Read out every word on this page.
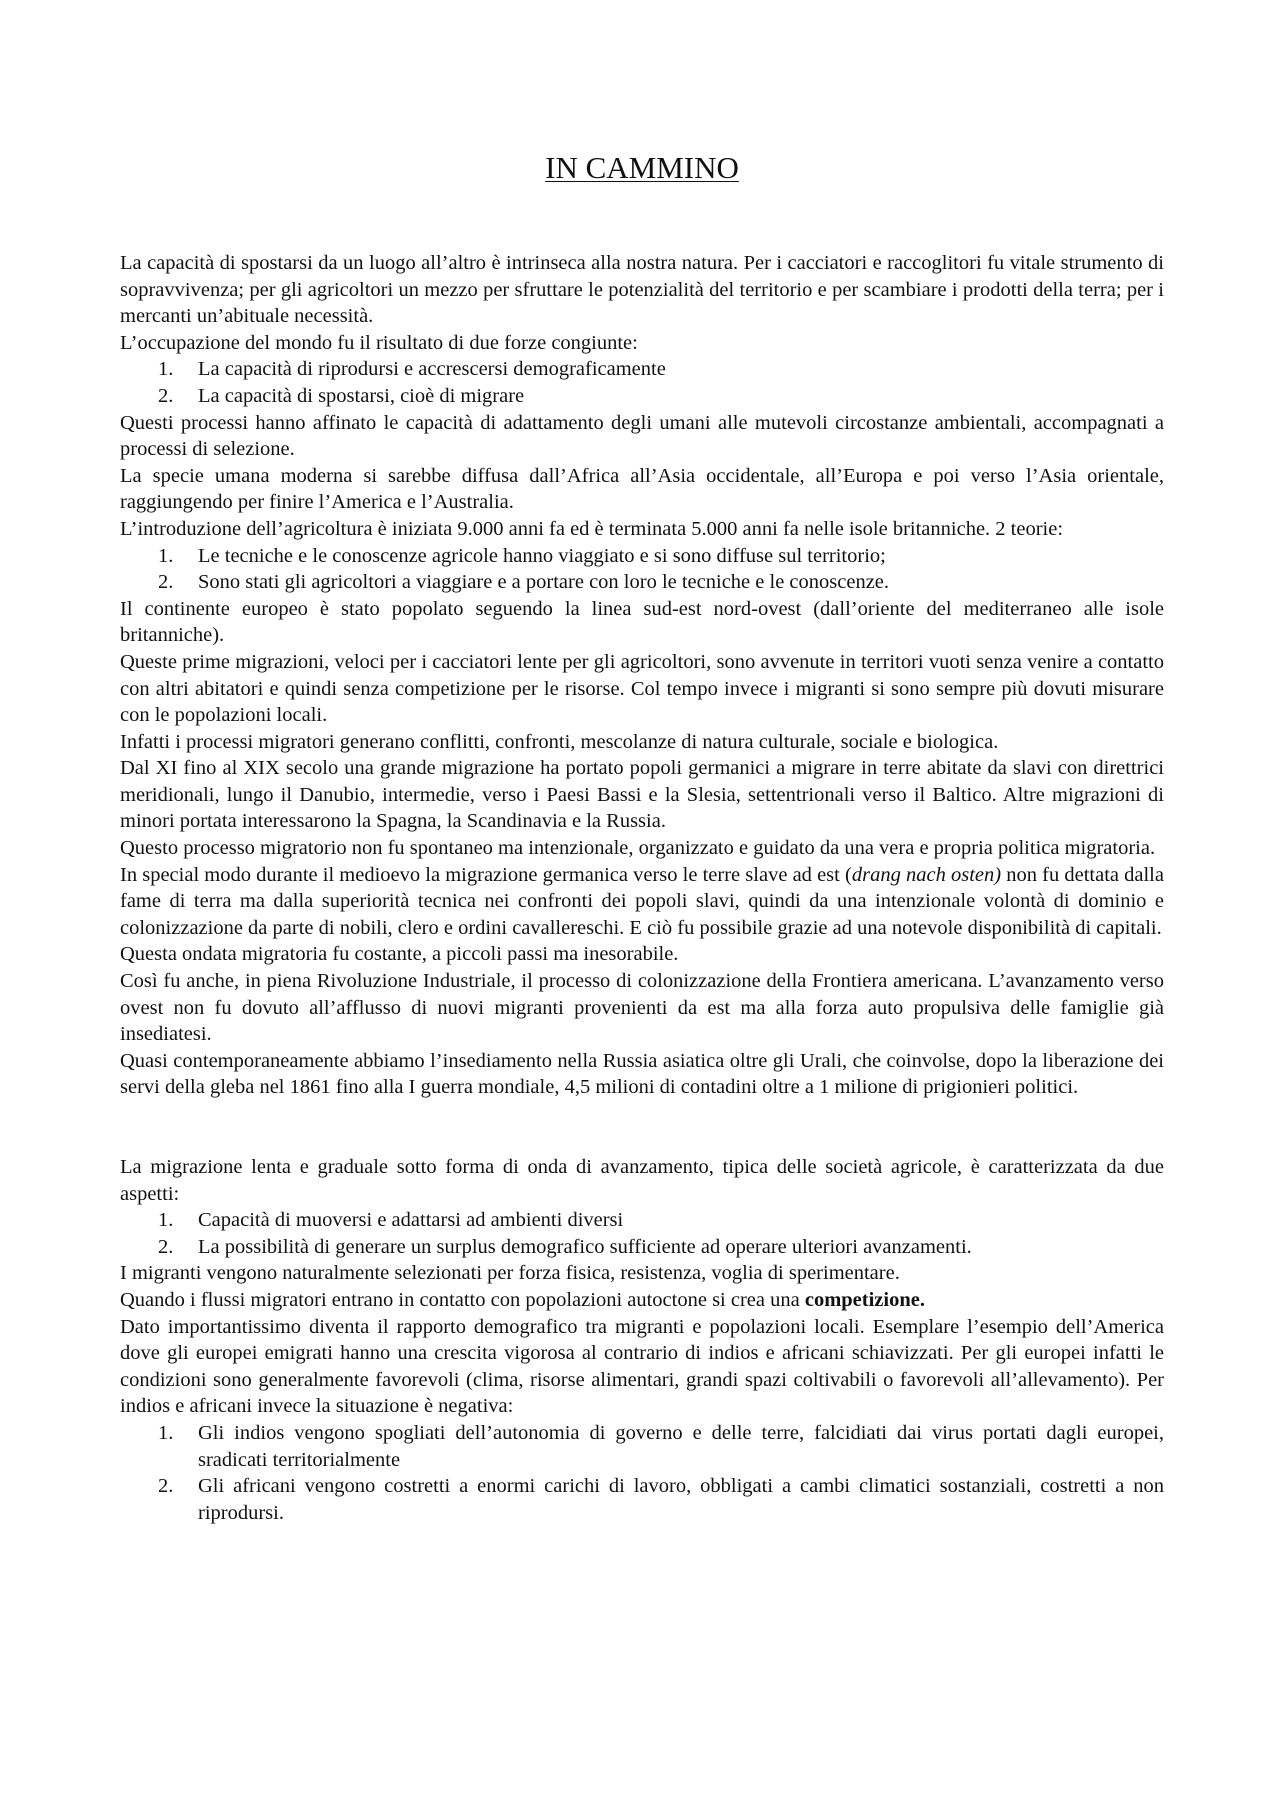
IN CAMMINO

La capacità di spostarsi da un luogo all’altro è intrinseca alla nostra natura. Per i cacciatori e raccoglitori fu vitale strumento di sopravvivenza; per gli agricoltori un mezzo per sfruttare le potenzialità del territorio e per scambiare i prodotti della terra; per i mercanti un’abituale necessità.

L’occupazione del mondo fu il risultato di due forze congiunte:

1. La capacità di riprodursi e accrescersi demograficamente
2. La capacità di spostarsi, cioè di migrare

Questi processi hanno affinato le capacità di adattamento degli umani alle mutevoli circostanze ambientali, accompagnati a processi di selezione.

La specie umana moderna si sarebbe diffusa dall’Africa all’Asia occidentale, all’Europa e poi verso l’Asia orientale, raggiungendo per finire l’America e l’Australia.

L’introduzione dell’agricoltura è iniziata 9.000 anni fa ed è terminata 5.000 anni fa nelle isole britanniche. 2 teorie:

1. Le tecniche e le conoscenze agricole hanno viaggiato e si sono diffuse sul territorio;
2. Sono stati gli agricoltori a viaggiare e a portare con loro le tecniche e le conoscenze.

Il continente europeo è stato popolato seguendo la linea sud-est nord-ovest (dall’oriente del mediterraneo alle isole britanniche).

Queste prime migrazioni, veloci per i cacciatori lente per gli agricoltori, sono avvenute in territori vuoti senza venire a contatto con altri abitatori e quindi senza competizione per le risorse. Col tempo invece i migranti si sono sempre più dovuti misurare con le popolazioni locali.

Infatti i processi migratori generano conflitti, confronti, mescolanze di natura culturale, sociale e biologica.

Dal XI fino al XIX secolo una grande migrazione ha portato popoli germanici a migrare in terre abitate da slavi con direttrici meridionali, lungo il Danubio, intermedie, verso i Paesi Bassi e la Slesia, settentrionali verso il Baltico. Altre migrazioni di minori portata interessarono la Spagna, la Scandinavia e la Russia.

Questo processo migratorio non fu spontaneo ma intenzionale, organizzato e guidato da una vera e propria politica migratoria.

In special modo durante il medioevo la migrazione germanica verso le terre slave ad est (drang nach osten) non fu dettata dalla fame di terra ma dalla superiorità tecnica nei confronti dei popoli slavi, quindi da una intenzionale volontà di dominio e colonizzazione da parte di nobili, clero e ordini cavallereschi. E ciò fu possibile grazie ad una notevole disponibilità di capitali.

Questa ondata migratoria fu costante, a piccoli passi ma inesorabile.

Così fu anche, in piena Rivoluzione Industriale, il processo di colonizzazione della Frontiera americana. L’avanzamento verso ovest non fu dovuto all’afflusso di nuovi migranti provenienti da est ma alla forza auto propulsiva delle famiglie già insediatesi.

Quasi contemporaneamente abbiamo l’insediamento nella Russia asiatica oltre gli Urali, che coinvolse, dopo la liberazione dei servi della gleba nel 1861 fino alla I guerra mondiale, 4,5 milioni di contadini oltre a 1 milione di prigionieri politici.

La migrazione lenta e graduale sotto forma di onda di avanzamento, tipica delle società agricole, è caratterizzata da due aspetti:

1. Capacità di muoversi e adattarsi ad ambienti diversi
2. La possibilità di generare un surplus demografico sufficiente ad operare ulteriori avanzamenti.

I migranti vengono naturalmente selezionati per forza fisica, resistenza, voglia di sperimentare.

Quando i flussi migratori entrano in contatto con popolazioni autoctone si crea una competizione.

Dato importantissimo diventa il rapporto demografico tra migranti e popolazioni locali. Esemplare l’esempio dell’America dove gli europei emigrati hanno una crescita vigorosa al contrario di indios e africani schiavizzati. Per gli europei infatti le condizioni sono generalmente favorevoli (clima, risorse alimentari, grandi spazi coltivabili o favorevoli all’allevamento). Per indios e africani invece la situazione è negativa:

1. Gli indios vengono spogliati dell’autonomia di governo e delle terre, falcidiati dai virus portati dagli europei, sradicati territorialmente
2. Gli africani vengono costretti a enormi carichi di lavoro, obbligati a cambi climatici sostanziali, costretti a non riprodursi.
